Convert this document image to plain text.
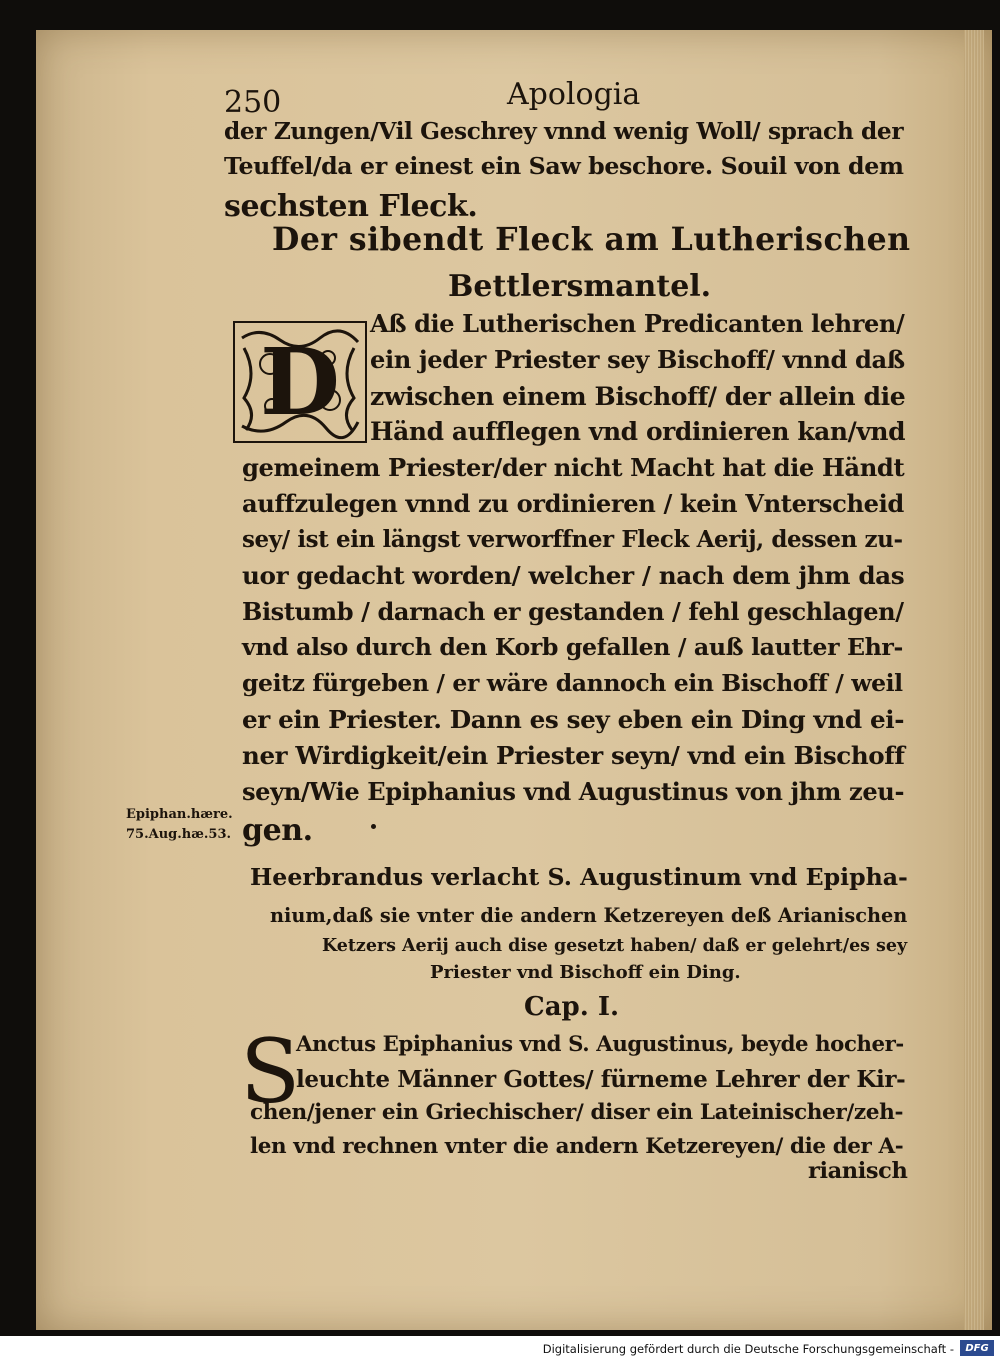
250	Apologia
der Zungen/Vil Geschrey vnnd wenig Woll/ sprach der
Teuffel/da er einest ein Saw beschore. Souil von dem
sechsten Fleck.
Der sibendt Fleck am Lutherischen
Bettlersmantel.
D
Aß die Lutherischen Predicanten lehren/
ein jeder Priester sey Bischoff/ vnnd daß
zwischen einem Bischoff/ der allein die
Händ aufflegen vnd ordinieren kan/vnd
gemeinem Priester/der nicht Macht hat die Händt
auffzulegen vnnd zu ordinieren / kein Vnterscheid
sey/ ist ein längst verworffner Fleck Aerij, dessen zu-
uor gedacht worden/ welcher / nach dem jhm das
Bistumb / darnach er gestanden / fehl geschlagen/
vnd also durch den Korb gefallen / auß lautter Ehr-
geitz fürgeben / er wäre dannoch ein Bischoff / weil
er ein Priester. Dann es sey eben ein Ding vnd ei-
ner Wirdigkeit/ein Priester seyn/ vnd ein Bischoff
seyn/Wie Epiphanius vnd Augustinus von jhm zeu-
gen.
Epiphan.hære.
75.Aug.hæ.53.
Heerbrandus verlacht S. Augustinum vnd Epipha-
nium,daß sie vnter die andern Ketzereyen deß Arianischen
Ketzers Aerij auch dise gesetzt haben/ daß er gelehrt/es sey
Priester vnd Bischoff ein Ding.
Cap. I.
S
Anctus Epiphanius vnd S. Augustinus, beyde hocher-
leuchte Männer Gottes/ fürneme Lehrer der Kir-
chen/jener ein Griechischer/ diser ein Lateinischer/zeh-
len vnd rechnen vnter die andern Ketzereyen/ die der A-
rianisch
Digitalisierung gefördert durch die Deutsche Forschungsgemeinschaft -	DFG
